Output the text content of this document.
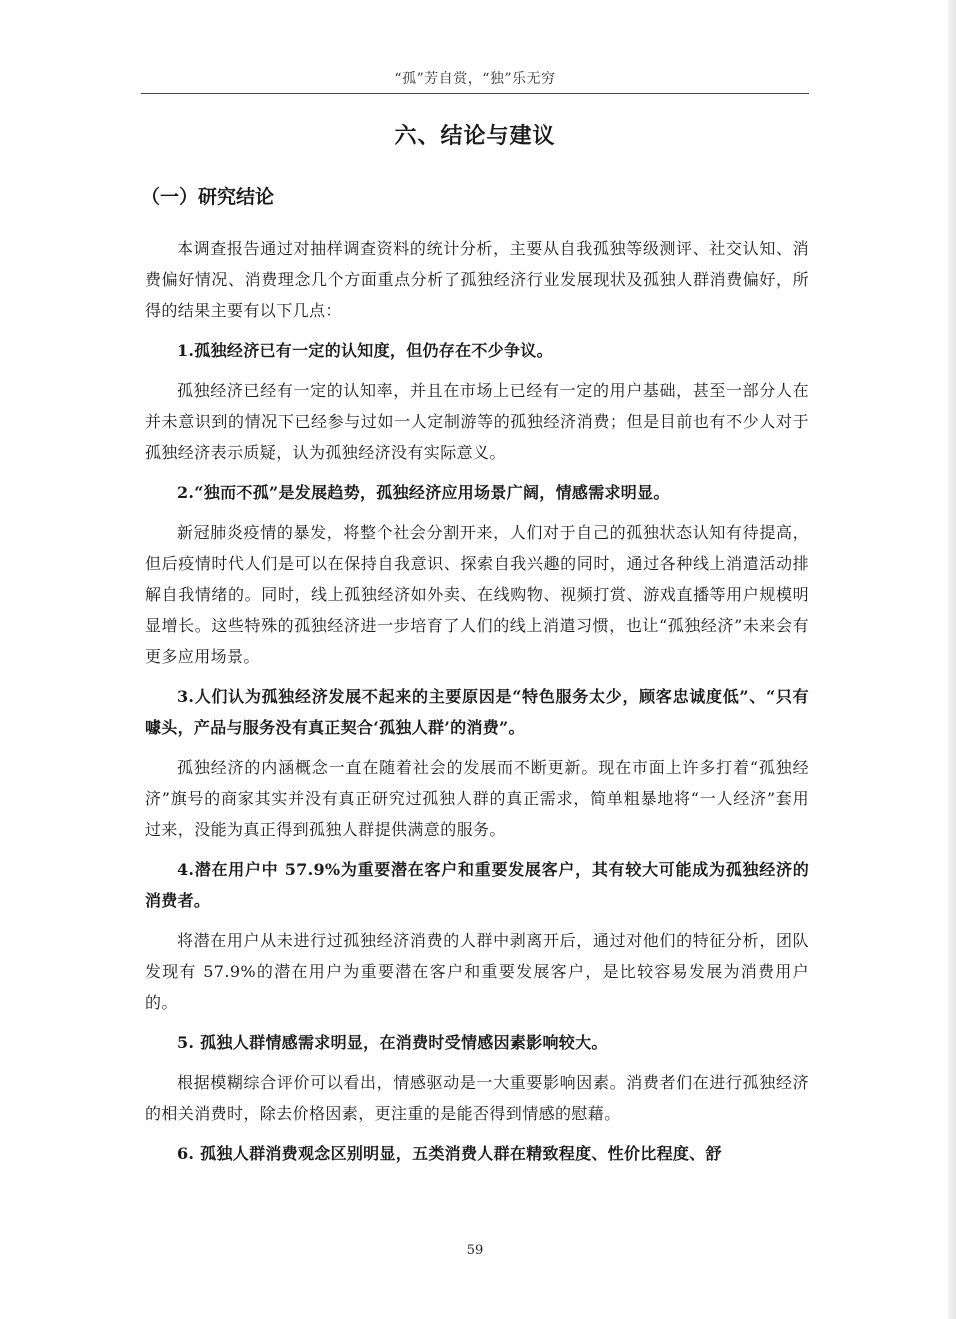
“孤”芳自赏，“独”乐无穷
六、结论与建议
（一）研究结论

本调查报告通过对抽样调查资料的统计分析，主要从自我孤独等级测评、社交认知、消费偏好情况、消费理念几个方面重点分析了孤独经济行业发展现状及孤独人群消费偏好，所得的结果主要有以下几点：

1.孤独经济已有一定的认知度，但仍存在不少争议。

孤独经济已经有一定的认知率，并且在市场上已经有一定的用户基础，甚至一部分人在并未意识到的情况下已经参与过如一人定制游等的孤独经济消费；但是目前也有不少人对于孤独经济表示质疑，认为孤独经济没有实际意义。

2.“独而不孤”是发展趋势，孤独经济应用场景广阔，情感需求明显。

新冠肺炎疫情的暴发，将整个社会分割开来，人们对于自己的孤独状态认知有待提高，但后疫情时代人们是可以在保持自我意识、探索自我兴趣的同时，通过各种线上消遣活动排解自我情绪的。同时，线上孤独经济如外卖、在线购物、视频打赏、游戏直播等用户规模明显增长。这些特殊的孤独经济进一步培育了人们的线上消遣习惯，也让“孤独经济”未来会有更多应用场景。

3.人们认为孤独经济发展不起来的主要原因是“特色服务太少，顾客忠诚度低”、“只有噱头，产品与服务没有真正契合‘孤独人群’的消费”。

孤独经济的内涵概念一直在随着社会的发展而不断更新。现在市面上许多打着“孤独经济”旗号的商家其实并没有真正研究过孤独人群的真正需求，简单粗暴地将“一人经济”套用过来，没能为真正得到孤独人群提供满意的服务。

4.潜在用户中 57.9%为重要潜在客户和重要发展客户，其有较大可能成为孤独经济的消费者。

将潜在用户从未进行过孤独经济消费的人群中剥离开后，通过对他们的特征分析，团队发现有 57.9%的潜在用户为重要潜在客户和重要发展客户，是比较容易发展为消费用户的。

5. 孤独人群情感需求明显，在消费时受情感因素影响较大。

根据模糊综合评价可以看出，情感驱动是一大重要影响因素。消费者们在进行孤独经济的相关消费时，除去价格因素，更注重的是能否得到情感的慰藉。

6. 孤独人群消费观念区别明显，五类消费人群在精致程度、性价比程度、舒

59
